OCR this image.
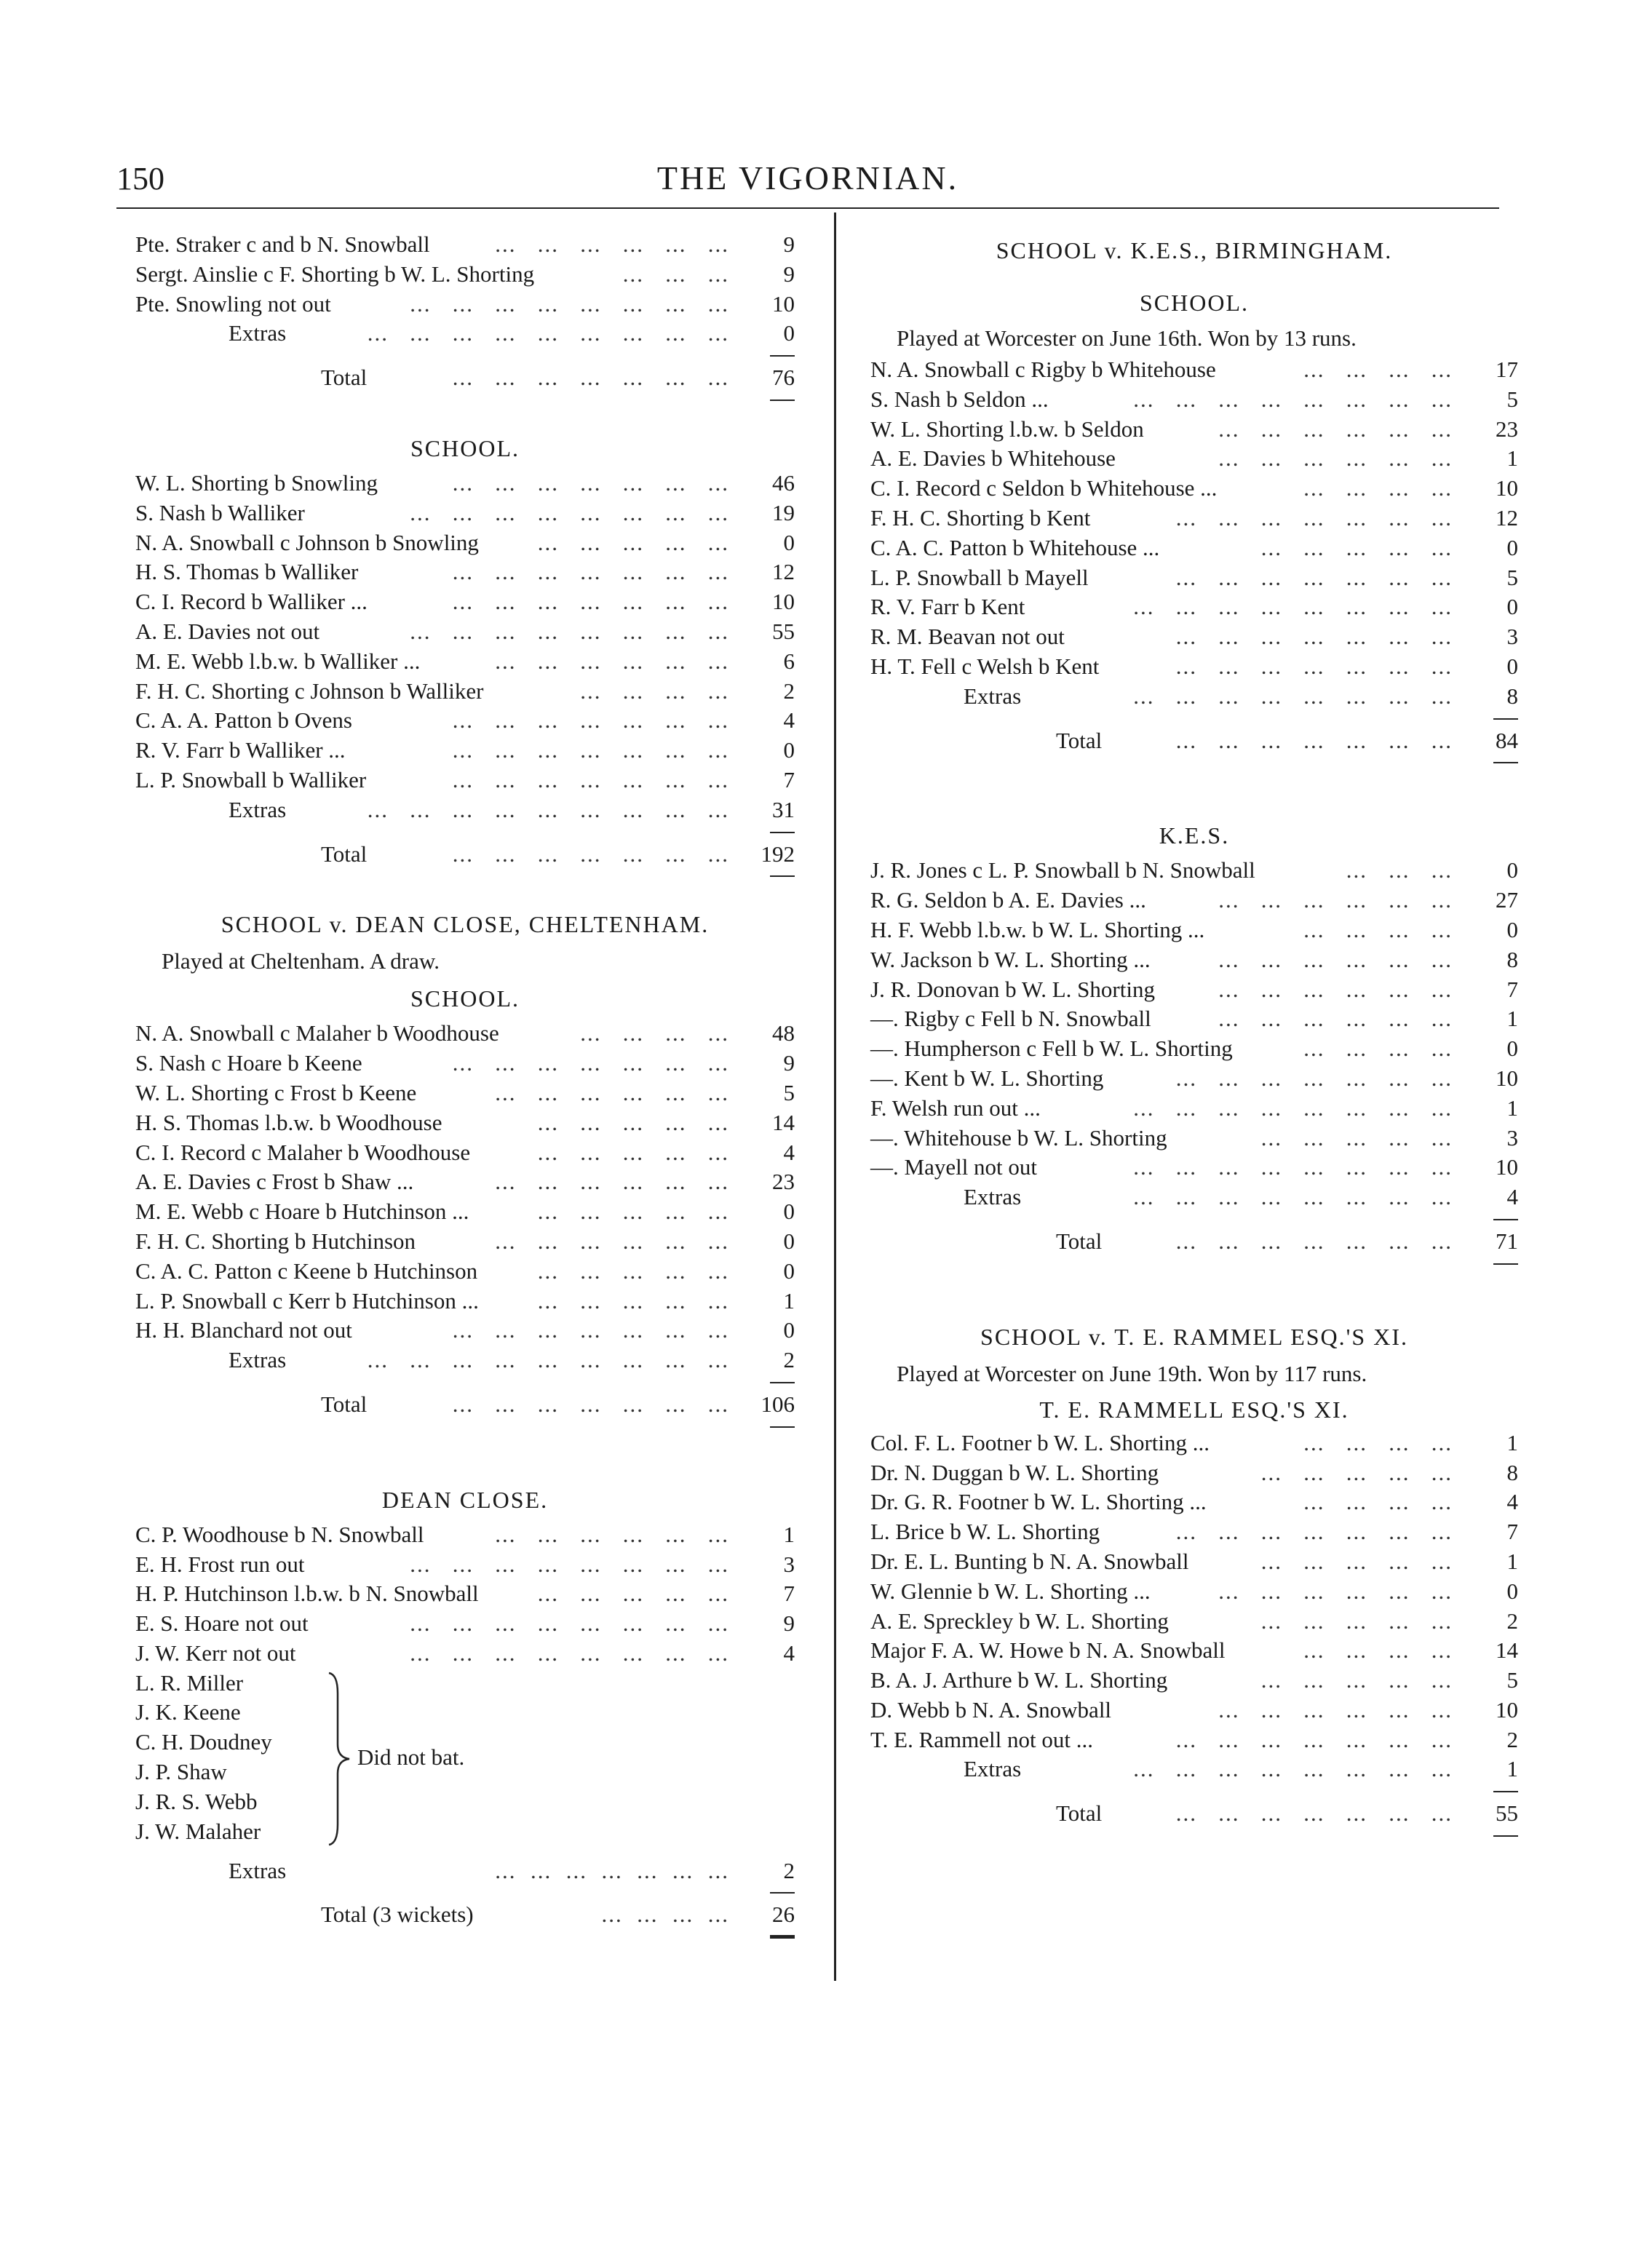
150	THE VIGORNIAN.
Pte. Straker c and b N. Snowball	...   ...   ...   ...   ...   ...	9
Sergt. Ainslie c F. Shorting b W. L. Shorting	...   ...   ...	9
Pte. Snowling not out	...   ...   ...   ...   ...   ...   ...   ...	10
Extras	...   ...   ...   ...   ...   ...   ...   ...   ...	0
Total	...   ...   ...   ...   ...   ...   ...	76
SCHOOL.
W. L. Shorting b Snowling	...   ...   ...   ...   ...   ...   ...	46
S. Nash b Walliker	...   ...   ...   ...   ...   ...   ...   ...	19
N. A. Snowball c Johnson b Snowling	...   ...   ...   ...   ...	0
H. S. Thomas b Walliker	...   ...   ...   ...   ...   ...   ...	12
C. I. Record b Walliker ...	...   ...   ...   ...   ...   ...   ...	10
A. E. Davies not out	...   ...   ...   ...   ...   ...   ...   ...	55
M. E. Webb l.b.w. b Walliker ...	...   ...   ...   ...   ...   ...	6
F. H. C. Shorting c Johnson b Walliker	...   ...   ...   ...	2
C. A. A. Patton b Ovens	...   ...   ...   ...   ...   ...   ...	4
R. V. Farr b Walliker ...	...   ...   ...   ...   ...   ...   ...	0
L. P. Snowball b Walliker	...   ...   ...   ...   ...   ...   ...	7
Extras	...   ...   ...   ...   ...   ...   ...   ...   ...	31
Total	...   ...   ...   ...   ...   ...   ...	192
SCHOOL v. DEAN CLOSE, CHELTENHAM.
Played at Cheltenham. A draw.
SCHOOL.
N. A. Snowball c Malaher b Woodhouse	...   ...   ...   ...	48
S. Nash c Hoare b Keene	...   ...   ...   ...   ...   ...   ...	9
W. L. Shorting c Frost b Keene	...   ...   ...   ...   ...   ...	5
H. S. Thomas l.b.w. b Woodhouse	...   ...   ...   ...   ...	14
C. I. Record c Malaher b Woodhouse	...   ...   ...   ...   ...	4
A. E. Davies c Frost b Shaw ...	...   ...   ...   ...   ...   ...	23
M. E. Webb c Hoare b Hutchinson ...	...   ...   ...   ...   ...	0
F. H. C. Shorting b Hutchinson	...   ...   ...   ...   ...   ...	0
C. A. C. Patton c Keene b Hutchinson	...   ...   ...   ...   ...	0
L. P. Snowball c Kerr b Hutchinson ...	...   ...   ...   ...   ...	1
H. H. Blanchard not out	...   ...   ...   ...   ...   ...   ...	0
Extras	...   ...   ...   ...   ...   ...   ...   ...   ...	2
Total	...   ...   ...   ...   ...   ...   ...	106
DEAN CLOSE.
C. P. Woodhouse b N. Snowball	...   ...   ...   ...   ...   ...	1
E. H. Frost run out	...   ...   ...   ...   ...   ...   ...   ...	3
H. P. Hutchinson l.b.w. b N. Snowball	...   ...   ...   ...   ...	7
E. S. Hoare not out	...   ...   ...   ...   ...   ...   ...   ...	9
J. W. Kerr not out	...   ...   ...   ...   ...   ...   ...   ...	4
L. R. Miller
J. K. Keene
C. H. Doudney
J. P. Shaw
J. R. S. Webb
J. W. Malaher
Did not bat.
Extras	...  ...  ...  ...  ...  ...  ...	2
Total (3 wickets)	...  ...  ...  ...	26
SCHOOL v. K.E.S., BIRMINGHAM.
SCHOOL.
Played at Worcester on June 16th. Won by 13 runs.
N. A. Snowball c Rigby b Whitehouse	...   ...   ...   ...	17
S. Nash b Seldon ...	...   ...   ...   ...   ...   ...   ...   ...	5
W. L. Shorting l.b.w. b Seldon	...   ...   ...   ...   ...   ...	23
A. E. Davies b Whitehouse	...   ...   ...   ...   ...   ...	1
C. I. Record c Seldon b Whitehouse ...	...   ...   ...   ...	10
F. H. C. Shorting b Kent	...   ...   ...   ...   ...   ...   ...	12
C. A. C. Patton b Whitehouse ...	...   ...   ...   ...   ...	0
L. P. Snowball b Mayell	...   ...   ...   ...   ...   ...   ...	5
R. V. Farr b Kent	...   ...   ...   ...   ...   ...   ...   ...	0
R. M. Beavan not out	...   ...   ...   ...   ...   ...   ...	3
H. T. Fell c Welsh b Kent	...   ...   ...   ...   ...   ...   ...	0
Extras	...   ...   ...   ...   ...   ...   ...   ...	8
Total	...   ...   ...   ...   ...   ...   ...	84
K.E.S.
J. R. Jones c L. P. Snowball b N. Snowball	...   ...   ...	0
R. G. Seldon b A. E. Davies ...	...   ...   ...   ...   ...   ...	27
H. F. Webb l.b.w. b W. L. Shorting ...	...   ...   ...   ...	0
W. Jackson b W. L. Shorting ...	...   ...   ...   ...   ...   ...	8
J. R. Donovan b W. L. Shorting	...   ...   ...   ...   ...   ...	7
—. Rigby c Fell b N. Snowball	...   ...   ...   ...   ...   ...	1
—. Humpherson c Fell b W. L. Shorting	...   ...   ...   ...	0
—. Kent b W. L. Shorting	...   ...   ...   ...   ...   ...   ...	10
F. Welsh run out ...	...   ...   ...   ...   ...   ...   ...   ...	1
—. Whitehouse b W. L. Shorting	...   ...   ...   ...   ...	3
—. Mayell not out	...   ...   ...   ...   ...   ...   ...   ...	10
Extras	...   ...   ...   ...   ...   ...   ...   ...	4
Total	...   ...   ...   ...   ...   ...   ...	71
SCHOOL v. T. E. RAMMEL ESQ.'S XI.
Played at Worcester on June 19th. Won by 117 runs.
T. E. RAMMELL ESQ.'S XI.
Col. F. L. Footner b W. L. Shorting ...	...   ...   ...   ...	1
Dr. N. Duggan b W. L. Shorting	...   ...   ...   ...   ...	8
Dr. G. R. Footner b W. L. Shorting ...	...   ...   ...   ...	4
L. Brice b W. L. Shorting	...   ...   ...   ...   ...   ...   ...	7
Dr. E. L. Bunting b N. A. Snowball	...   ...   ...   ...   ...	1
W. Glennie b W. L. Shorting ...	...   ...   ...   ...   ...   ...	0
A. E. Spreckley b W. L. Shorting	...   ...   ...   ...   ...	2
Major F. A. W. Howe b N. A. Snowball	...   ...   ...   ...	14
B. A. J. Arthure b W. L. Shorting	...   ...   ...   ...   ...	5
D. Webb b N. A. Snowball	...   ...   ...   ...   ...   ...	10
T. E. Rammell not out ...	...   ...   ...   ...   ...   ...   ...	2
Extras	...   ...   ...   ...   ...   ...   ...   ...	1
Total	...   ...   ...   ...   ...   ...   ...	55
